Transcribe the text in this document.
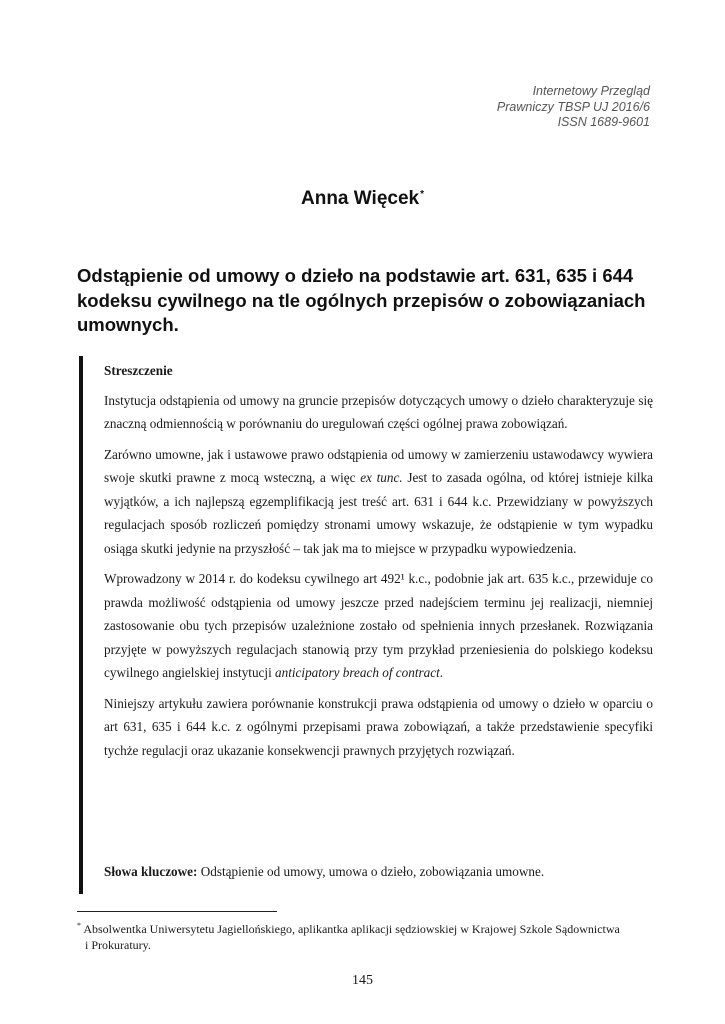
Internetowy Przegląd
Prawniczy TBSP UJ 2016/6
ISSN 1689-9601
Anna Więcek*
Odstąpienie od umowy o dzieło na podstawie art. 631, 635 i 644 kodeksu cywilnego na tle ogólnych przepisów o zobowiązaniach umownych.
Streszczenie

Instytucja odstąpienia od umowy na gruncie przepisów dotyczących umowy o dzieło charakteryzuje się znaczną odmiennością w porównaniu do uregulowań części ogólnej prawa zobowiązań.

Zarówno umowne, jak i ustawowe prawo odstąpienia od umowy w zamierzeniu ustawodawcy wywiera swoje skutki prawne z mocą wsteczną, a więc ex tunc. Jest to zasada ogólna, od której istnieje kilka wyjątków, a ich najlepszą egzemplifikacją jest treść art. 631 i 644 k.c. Przewidziany w powyższych regulacjach sposób rozliczeń pomiędzy stronami umowy wskazuje, że odstąpienie w tym wypadku osiąga skutki jedynie na przyszłość – tak jak ma to miejsce w przypadku wypowiedzenia.

Wprowadzony w 2014 r. do kodeksu cywilnego art 492¹ k.c., podobnie jak art. 635 k.c., przewiduje co prawda możliwość odstąpienia od umowy jeszcze przed nadejściem terminu jej realizacji, niemniej zastosowanie obu tych przepisów uzależnione zostało od spełnienia innych przesłanek. Rozwiązania przyjęte w powyższych regulacjach stanowią przy tym przykład przeniesienia do polskiego kodeksu cywilnego angielskiej instytucji anticipatory breach of contract.

Niniejszy artykułu zawiera porównanie konstrukcji prawa odstąpienia od umowy o dzieło w oparciu o art 631, 635 i 644 k.c. z ogólnymi przepisami prawa zobowiązań, a także przedstawienie specyfiki tychże regulacji oraz ukazanie konsekwencji prawnych przyjętych rozwiązań.

Słowa kluczowe: Odstąpienie od umowy, umowa o dzieło, zobowiązania umowne.
* Absolwentka Uniwersytetu Jagiellońskiego, aplikantka aplikacji sędziowskiej w Krajowej Szkole Sądownictwa
i Prokuratury.
145
